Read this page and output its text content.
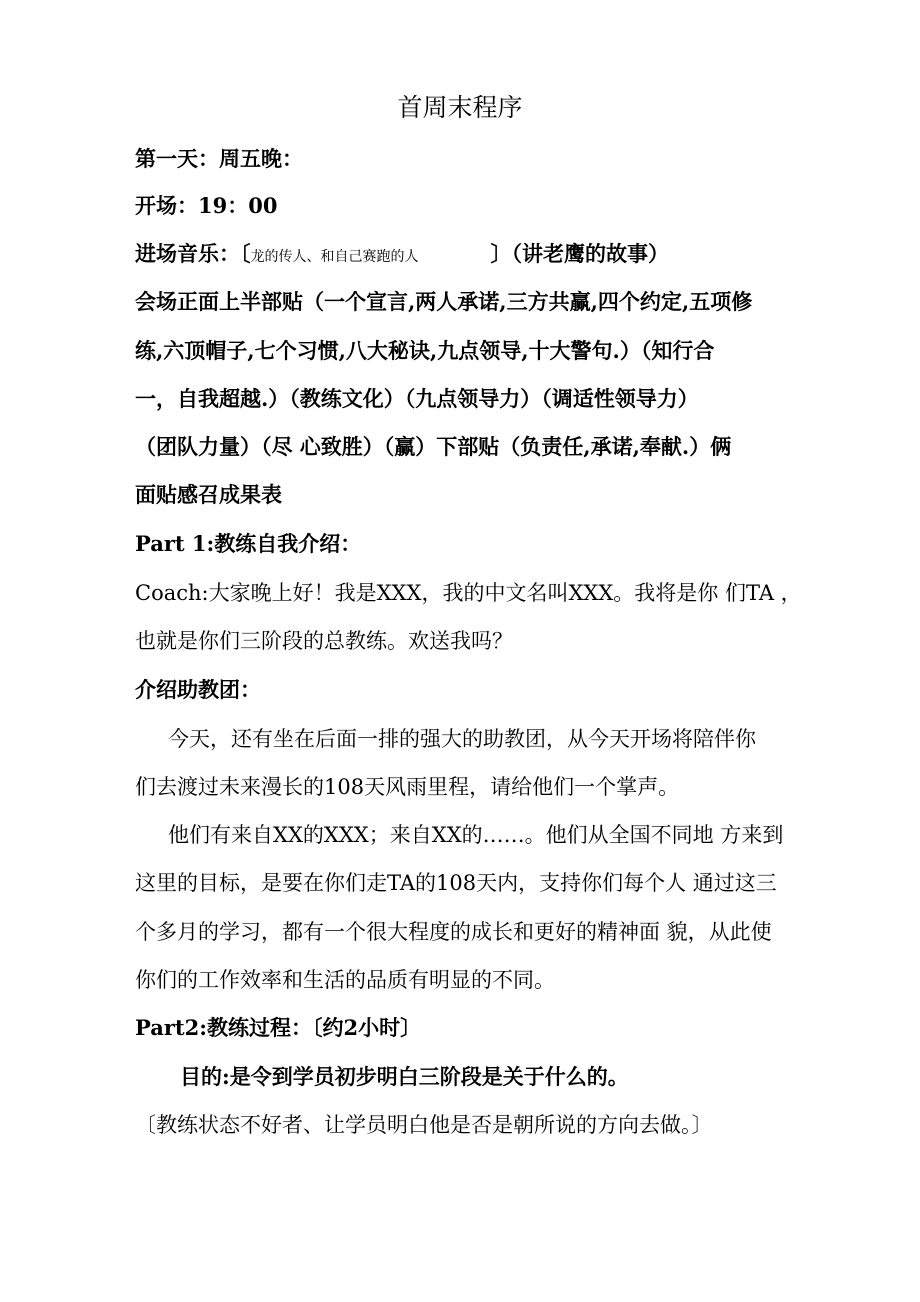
首周末程序
第一天：周五晚：
开场：19：00
进场音乐：〔龙的传人、和自己赛跑的人	〕（讲老鹰的故事）
会场正面上半部贴（一个宣言,两人承诺,三方共赢,四个约定,五项修
练,六顶帽子,七个习惯,八大秘诀,九点领导,十大警句.）（知行合
一，自我超越.）（教练文化）（九点领导力）（调适性领导力）
（团队力量）（尽 心致胜）（赢）下部贴（负责任,承诺,奉献.）俩
面贴感召成果表
Part 1:教练自我介绍：
Coach:大家晚上好！我是XXX，我的中文名叫XXX。我将是你 们TA ，
也就是你们三阶段的总教练。欢送我吗？
介绍助教团：
今天，还有坐在后面一排的强大的助教团，从今天开场将陪伴你
们去渡过未来漫长的108天风雨里程，请给他们一个掌声。
他们有来自XX的XXX；来自XX的……。他们从全国不同地 方来到
这里的目标，是要在你们走TA的108天内，支持你们每个人 通过这三
个多月的学习，都有一个很大程度的成长和更好的精神面 貌，从此使
你们的工作效率和生活的品质有明显的不同。
Part2:教练过程：〔约2小时〕
目的:是令到学员初步明白三阶段是关于什么的。
〔教练状态不好者、让学员明白他是否是朝所说的方向去做。〕
